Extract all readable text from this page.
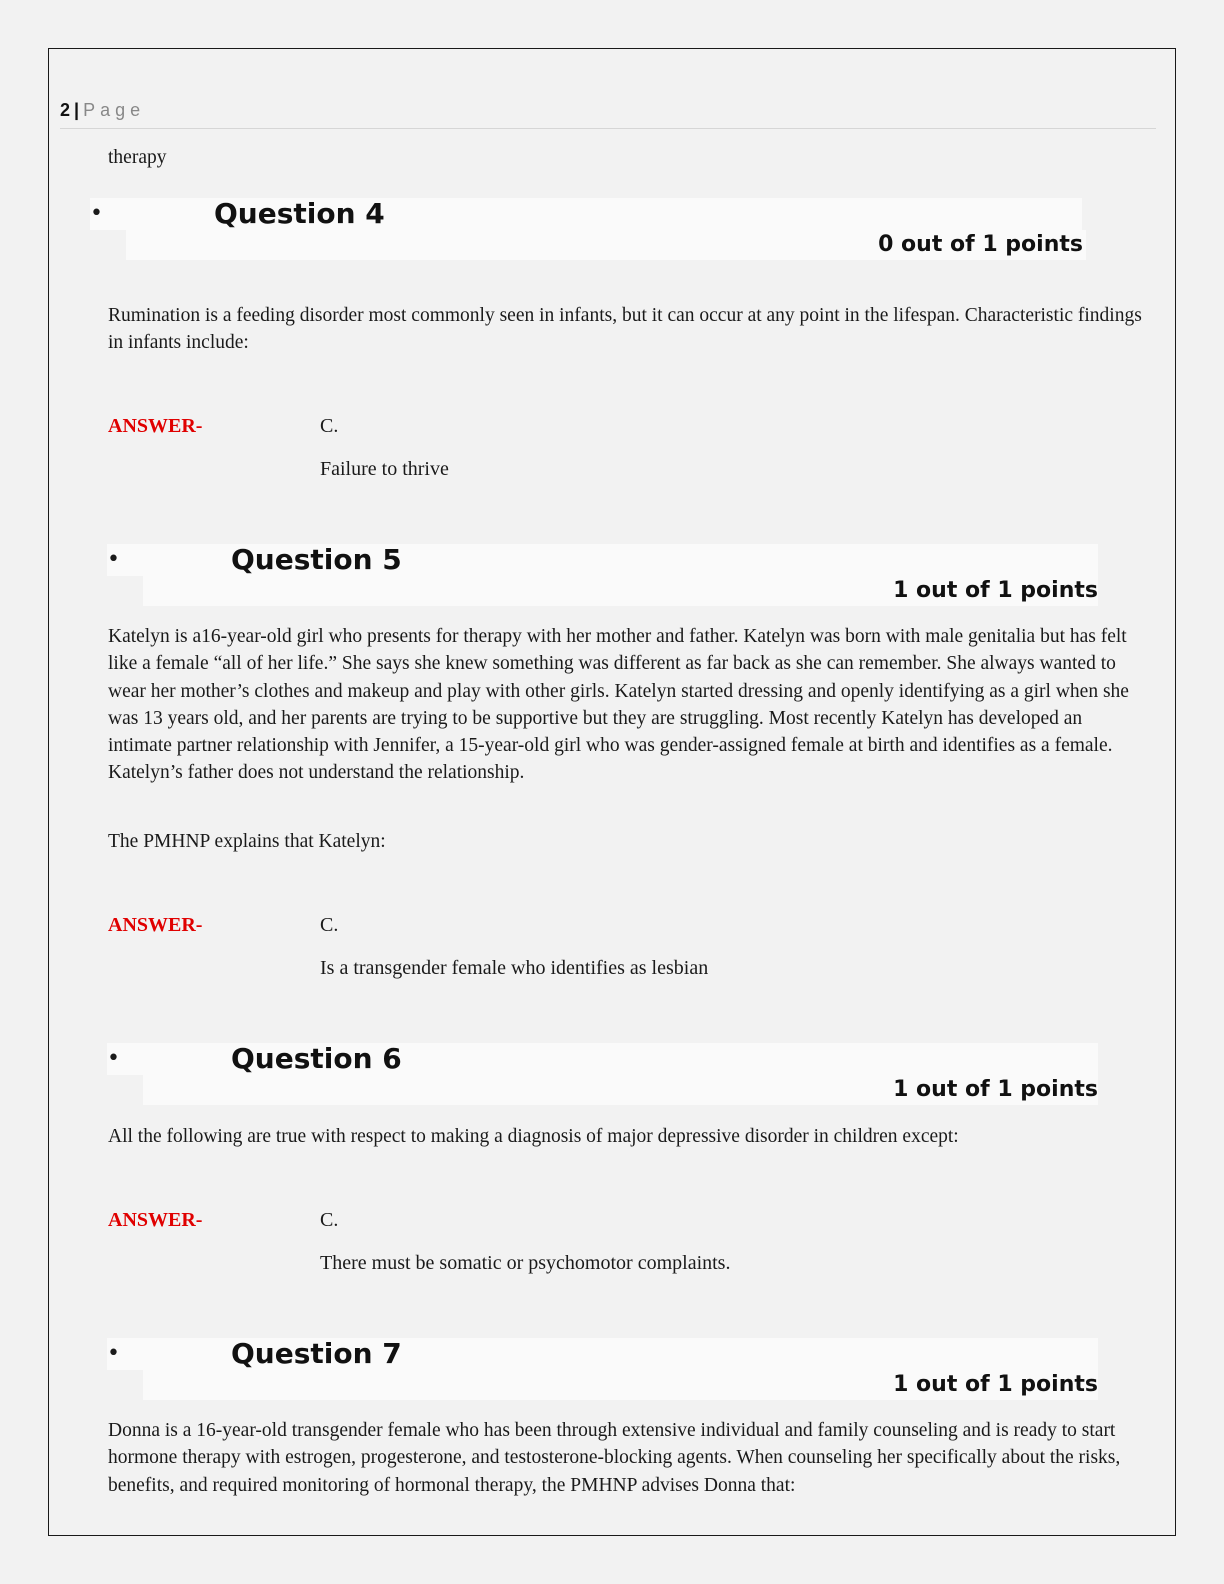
2 | Page

therapy

•	Question 4
0 out of 1 points

Rumination is a feeding disorder most commonly seen in infants, but it can occur at any point in the lifespan. Characteristic findings in infants include:

ANSWER-	C.
Failure to thrive
•	Question 5
1 out of 1 points

Katelyn is a16-year-old girl who presents for therapy with her mother and father. Katelyn was born with male genitalia but has felt like a female “all of her life.” She says she knew something was different as far back as she can remember. She always wanted to wear her mother’s clothes and makeup and play with other girls. Katelyn started dressing and openly identifying as a girl when she was 13 years old, and her parents are trying to be supportive but they are struggling. Most recently Katelyn has developed an intimate partner relationship with Jennifer, a 15-year-old girl who was gender-assigned female at birth and identifies as a female. Katelyn’s father does not understand the relationship.

The PMHNP explains that Katelyn:

ANSWER-	C.
Is a transgender female who identifies as lesbian
•	Question 6
1 out of 1 points

All the following are true with respect to making a diagnosis of major depressive disorder in children except:

ANSWER-	C.
There must be somatic or psychomotor complaints.
•	Question 7
1 out of 1 points

Donna is a 16-year-old transgender female who has been through extensive individual and family counseling and is ready to start hormone therapy with estrogen, progesterone, and testosterone-blocking agents. When counseling her specifically about the risks, benefits, and required monitoring of hormonal therapy, the PMHNP advises Donna that:
